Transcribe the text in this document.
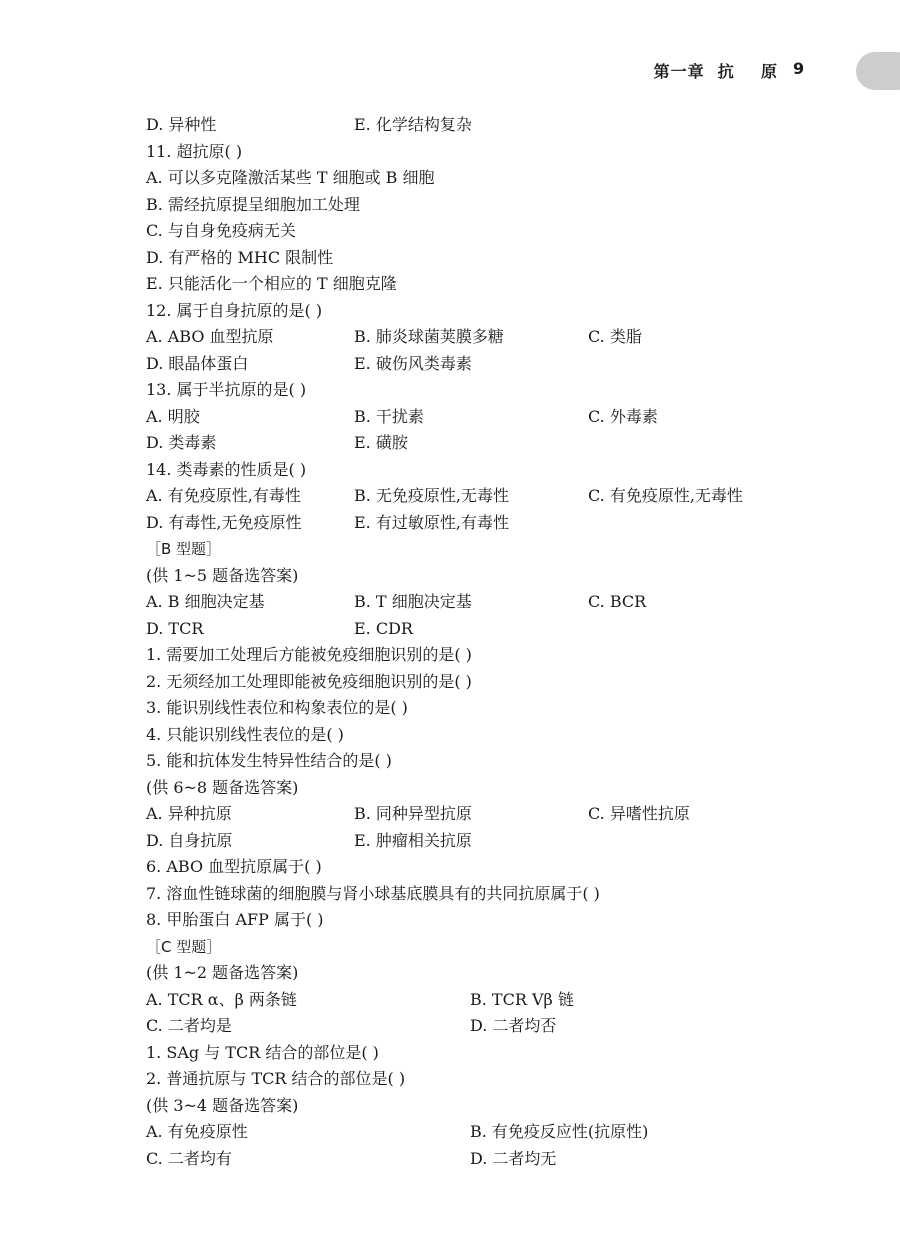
第一章  抗    原 9
D. 异种性	E. 化学结构复杂
11. 超抗原( )
A. 可以多克隆激活某些 T 细胞或 B 细胞
B. 需经抗原提呈细胞加工处理
C. 与自身免疫病无关
D. 有严格的 MHC 限制性
E. 只能活化一个相应的 T 细胞克隆
12. 属于自身抗原的是( )
A. ABO 血型抗原	B. 肺炎球菌荚膜多糖	C. 类脂
D. 眼晶体蛋白	E. 破伤风类毒素
13. 属于半抗原的是( )
A. 明胶	B. 干扰素	C. 外毒素
D. 类毒素	E. 磺胺
14. 类毒素的性质是( )
A. 有免疫原性,有毒性	B. 无免疫原性,无毒性	C. 有免疫原性,无毒性
D. 有毒性,无免疫原性	E. 有过敏原性,有毒性
［B 型题］
(供 1~5 题备选答案)
A. B 细胞决定基	B. T 细胞决定基	C. BCR
D. TCR	E. CDR
1. 需要加工处理后方能被免疫细胞识别的是( )
2. 无须经加工处理即能被免疫细胞识别的是( )
3. 能识别线性表位和构象表位的是( )
4. 只能识别线性表位的是( )
5. 能和抗体发生特异性结合的是( )
(供 6~8 题备选答案)
A. 异种抗原	B. 同种异型抗原	C. 异嗜性抗原
D. 自身抗原	E. 肿瘤相关抗原
6. ABO 血型抗原属于( )
7. 溶血性链球菌的细胞膜与肾小球基底膜具有的共同抗原属于( )
8. 甲胎蛋白 AFP 属于( )
［C 型题］
(供 1~2 题备选答案)
A. TCR α、β 两条链	B. TCR Vβ 链
C. 二者均是	D. 二者均否
1. SAg 与 TCR 结合的部位是( )
2. 普通抗原与 TCR 结合的部位是( )
(供 3~4 题备选答案)
A. 有免疫原性	B. 有免疫反应性(抗原性)
C. 二者均有	D. 二者均无
